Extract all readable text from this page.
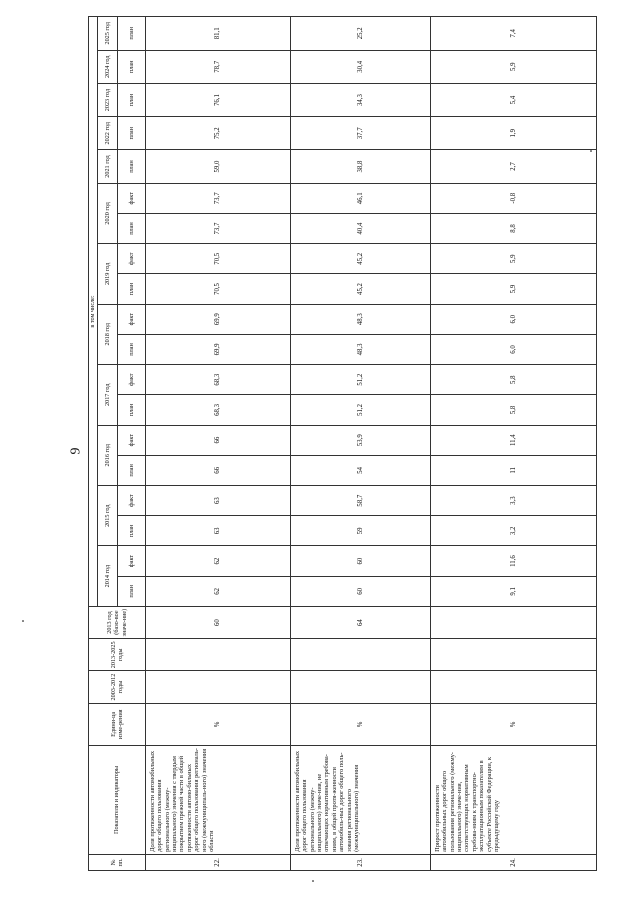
9
№ пп.	Показатели и индикаторы	Едини-ца изме-рения	2003-2012 годы	2013-2025 годы	2013 год (базо-вое значе-ние)	в том числе:																		
						2014 год		2015 год		2016 год		2017 год		2018 год		2019 год		2020 год		2021 год	2022 год	2023 год	2024 год	2025 год
						план	факт	план	факт	план	факт	план	факт	план	факт	план	факт	план	факт	план	план	план	план	план
22.	Доля протяженности автомобильных дорог общего пользования регионального (межму-ниципального) значения с твердым покрытием прежней части в общей протяженности автомо-бильных дорог общего пользования региональ-ного (межмуниципаль-ного) значения области	%			60	62	62	63	63	66	66	68,3	68,3	69,9	69,9	70,5	70,5	73,7	73,7	59,0	75,2	76,1	78,7	81,1
23.	Доля протяженности автомобильных дорог общего пользования регионального (межму-ниципального) значе-ния, не отвечающих нормативным требова-ниям, в общей протя-женности автомобиль-ных дорог общего поль-зования регионального (межмуниципального) значения	%			64	60	60	59	58,7	54	53,9	51,2	51,2	48,3	48,3	45,2	45,2	40,4	46,1	38,8	37,7	34,3	30,4	25,2
24.	Прирост протяженности автомобильных дорог общего пользования регионального (межму-ниципального) значе-ния, соответствующих нормативным требова-ниям к транспортно-эксплуатационным показателям в субъекте Российской Федерации, к предыдущему году	%				9,1	11,6	3,2	3,3	11	11,4	5,8	5,8	6,0	6,0	5,9	5,9	8,8	-0,8	2,7	1,9	5,4	5,9	7,4
